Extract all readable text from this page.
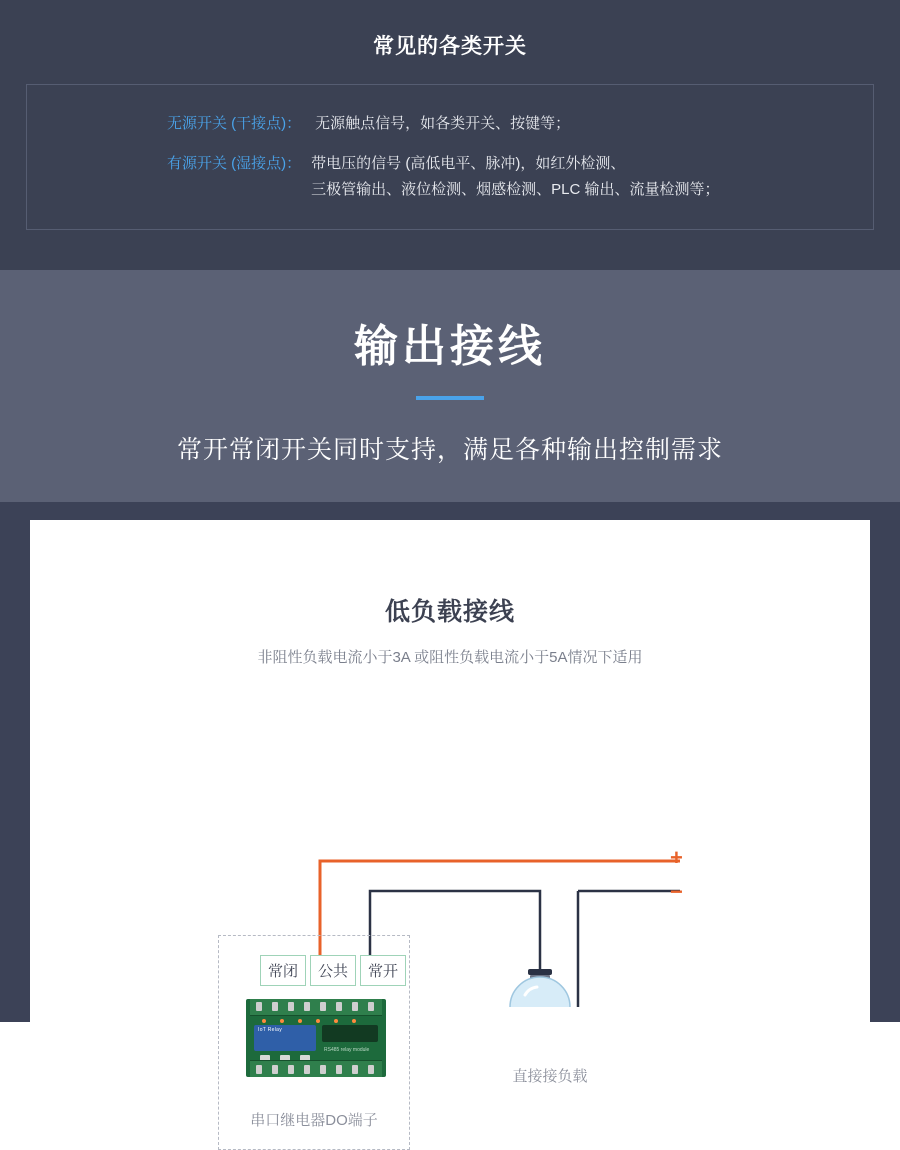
常见的各类开关
无源开关 (干接点)： 无源触点信号，如各类开关、按键等；
有源开关 (湿接点)： 带电压的信号 (高低电平、脉冲)，如红外检测、
三极管输出、液位检测、烟感检测、PLC 输出、流量检测等；
输出接线
常开常闭开关同时支持，满足各种输出控制需求
低负载接线
非阻性负载电流小于3A 或阻性负载电流小于5A情况下适用
+
−
常闭	公共	常开
IoT Relay
RS485 relay module
串口继电器DO端子
直接接负载
